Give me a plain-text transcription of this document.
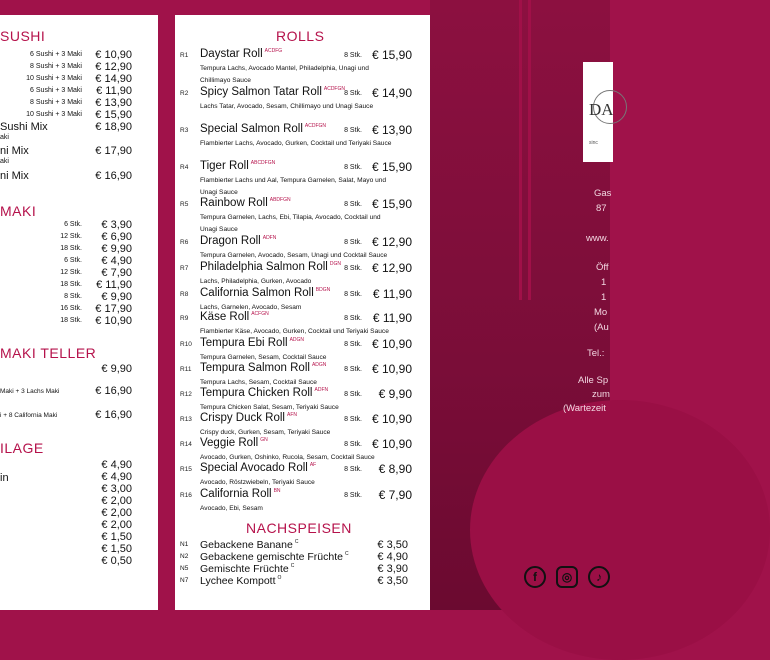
SUSHI
6 Sushi + 3 Maki € 10,90
8 Sushi + 3 Maki € 12,90
10 Sushi + 3 Maki € 14,90
6 Sushi + 3 Maki € 11,90
8 Sushi + 3 Maki € 13,90
10 Sushi + 3 Maki € 15,90
Sushi Mix	€ 18,90
ni Mix	€ 17,90
ni Mix	€ 16,90
aki
aki
6 Stk. € 3,90
12 Stk. € 6,90
18 Stk. € 9,90
6 Stk. € 4,90
12 Stk. € 7,90
18 Stk. € 11,90
8 Stk. € 9,90
16 Stk. € 17,90
18 Stk. € 10,90
€ 9,90
Maki + 3 Lachs Maki	€ 16,90
i + 8 California Maki	€ 16,90
€ 4,90
in	€ 4,90
€ 3,00
€ 2,00
€ 2,00
€ 2,00
€ 1,50
€ 1,50
€ 0,50
MAKI
MAKI TELLER
ILAGE
ROLLS
R1 Daystar Roll $^{ACDFG}$
8 Stk. € 15,90
Tempura Lachs, Avocado Mantel, Philadelphia, Unagi und Chillimayo Sauce
R2 Spicy Salmon Tatar Roll $^{ACDFGN}$
8 Stk. € 14,90
Lachs Tatar, Avocado, Sesam, Chillimayo und Unagi Sauce
R3 Special Salmon Roll $^{ACDFGN}$
8 Stk. € 13,90
Flambierter Lachs, Avocado, Gurken, Cocktail und Teriyaki Sauce
R4 Tiger Roll $^{ABCDFGN}$
8 Stk. € 15,90
Flambierter Lachs und Aal, Tempura Garnelen, Salat, Mayo und Unagi Sauce
R5 Rainbow Roll $^{ABDFGN}$
8 Stk. € 15,90
Tempura Garnelen, Lachs, Ebi, Tilapia, Avocado, Cocktail und Unagi Sauce
R6 Dragon Roll $^{ADFN}$
8 Stk. € 12,90
Tempura Garnelen, Avocado, Sesam, Unagi und Cocktail Sauce
R7 Philadelphia Salmon Roll $^{DGN}$
8 Stk. € 12,90
Lachs, Philadelphia, Gurken, Avocado
R8 California Salmon Roll $^{BDGN}$
8 Stk. € 11,90
Lachs, Garnelen, Avocado, Sesam
R9 Käse Roll $^{ACFGN}$
8 Stk. € 11,90
Flambierter Käse, Avocado, Gurken, Cocktail und Teriyaki Sauce
R10 Tempura Ebi Roll $^{ADGN}$
8 Stk. € 10,90
Tempura Garnelen, Sesam, Cocktail Sauce
R11 Tempura Salmon Roll $^{ADGN}$
8 Stk. € 10,90
Tempura Lachs, Sesam, Cocktail Sauce
R12 Tempura Chicken Roll $^{ADFN}$
8 Stk. € 9,90
Tempura Chicken Salat, Sesam, Teriyaki Sauce
R13 Crispy Duck Roll $^{AFN}$
8 Stk. € 10,90
Crispy duck, Gurken, Sesam, Teriyaki Sauce
R14 Veggie Roll $^{GN}$
8 Stk. € 10,90
Avocado, Gurken, Oshinko, Rucola, Sesam, Cocktail Sauce
R15 Special Avocado Roll $^{AF}$
8 Stk. € 8,90
Avocado, Röstzwiebeln, Teriyaki Sauce
R16 California Roll $^{BN}$
8 Stk. € 7,90
Avocado, Ebi, Sesam
NACHSPEISEN
N1 Gebackene Banane $^C$	€ 3,50
N2 Gebackene gemischte Früchte $^C$	€ 4,90
N5 Gemischte Früchte $^C$	€ 3,90
N7 Lychee Kompott $^O$	€ 3,50
DA
sinc
Gas
87
www.
Öff
1
1
Mo
(Au
Tel.:
Alle Sp
zum
(Wartezeit
f	◎	♪
